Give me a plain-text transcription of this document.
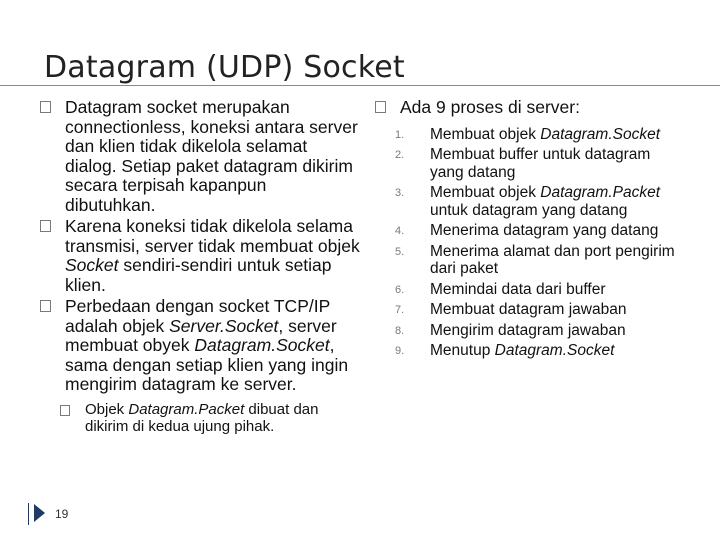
Datagram (UDP) Socket
Datagram socket merupakan connectionless, koneksi antara server dan klien tidak dikelola selamat dialog. Setiap paket datagram dikirim secara terpisah kapanpun dibutuhkan.
Karena koneksi tidak dikelola selama transmisi, server tidak membuat objek Socket sendiri-sendiri untuk setiap klien.
Perbedaan dengan socket TCP/IP adalah objek Server.Socket, server membuat obyek Datagram.Socket, sama dengan setiap klien yang ingin mengirim datagram ke server.
Objek Datagram.Packet dibuat dan dikirim di kedua ujung pihak.
Ada 9 proses di server:
1. Membuat objek Datagram.Socket
2. Membuat buffer untuk datagram yang datang
3. Membuat objek Datagram.Packet untuk datagram yang datang
4. Menerima datagram yang datang
5. Menerima alamat dan port pengirim dari paket
6. Memindai data dari buffer
7. Membuat datagram jawaban
8. Mengirim datagram jawaban
9. Menutup Datagram.Socket
19
